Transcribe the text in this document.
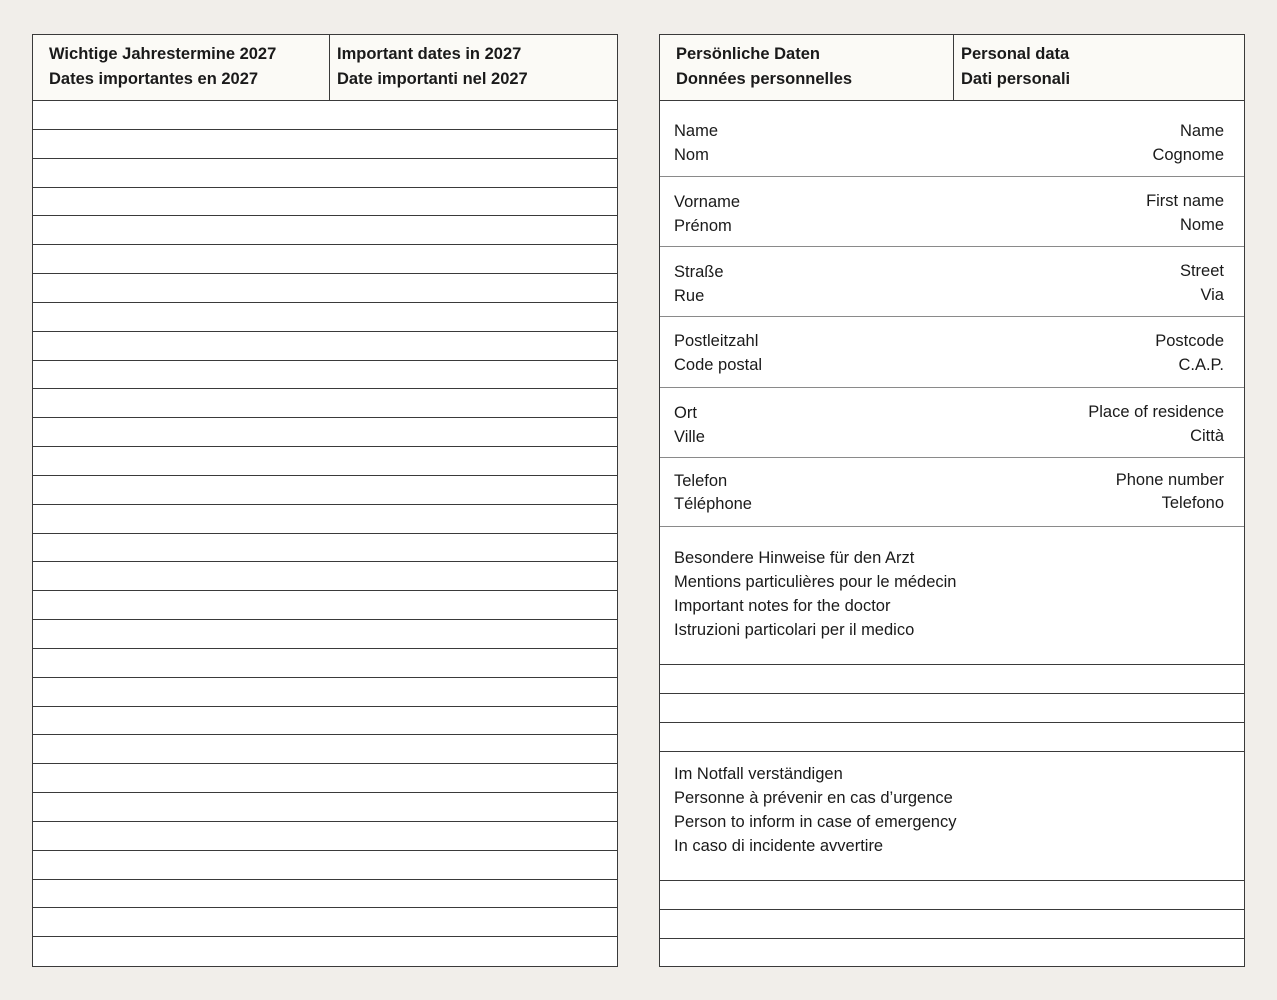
Wichtige Jahrestermine 2027
Dates importantes en 2027
Important dates in 2027
Date importanti nel 2027
Persönliche Daten
Données personnelles
Personal data
Dati personali
Name
Nom
Name
Cognome
Vorname
Prénom
First name
Nome
Straße
Rue
Street
Via
Postleitzahl
Code postal
Postcode
C.A.P.
Ort
Ville
Place of residence
Città
Telefon
Téléphone
Phone number
Telefono
Besondere Hinweise für den Arzt
Mentions particulières pour le médecin
Important notes for the doctor
Istruzioni particolari per il medico
Im Notfall verständigen
Personne à prévenir en cas d’urgence
Person to inform in case of emergency
In caso di incidente avvertire
